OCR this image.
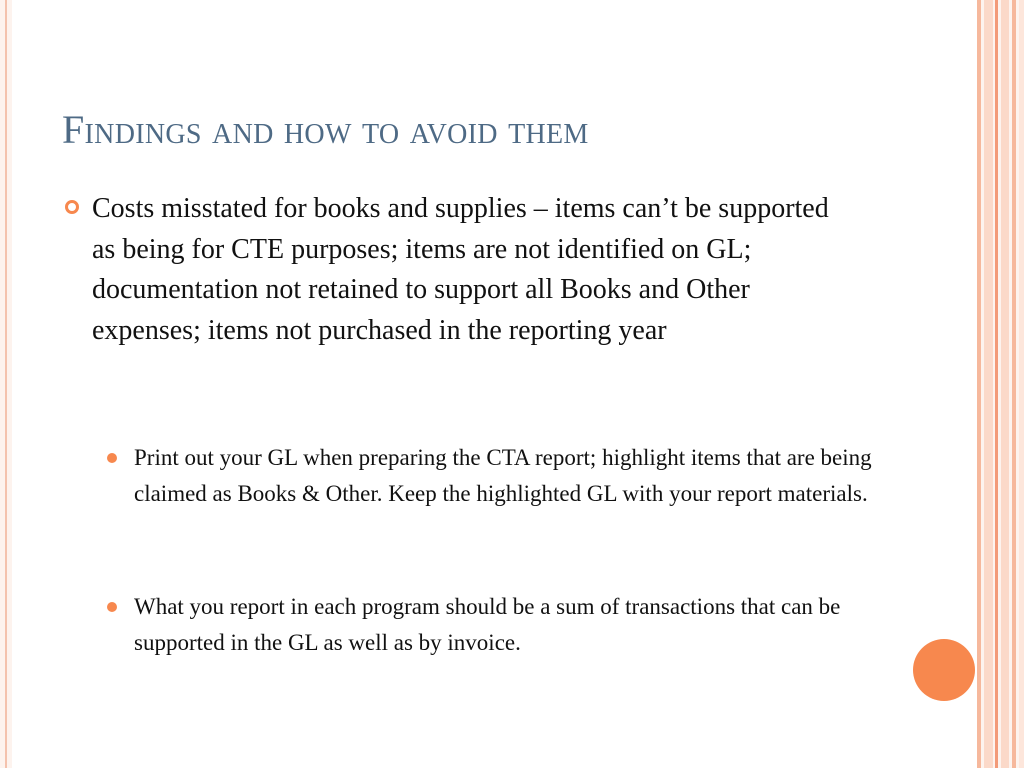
Findings and how to avoid them
Costs misstated for books and supplies – items can’t be supported as being for CTE purposes; items are not identified on GL; documentation not retained to support all Books and Other expenses; items not purchased in the reporting year
Print out your GL when preparing the CTA report; highlight items that are being claimed as Books & Other. Keep the highlighted GL with your report materials.
What you report in each program should be a sum of transactions that can be supported in the GL as well as by invoice.
